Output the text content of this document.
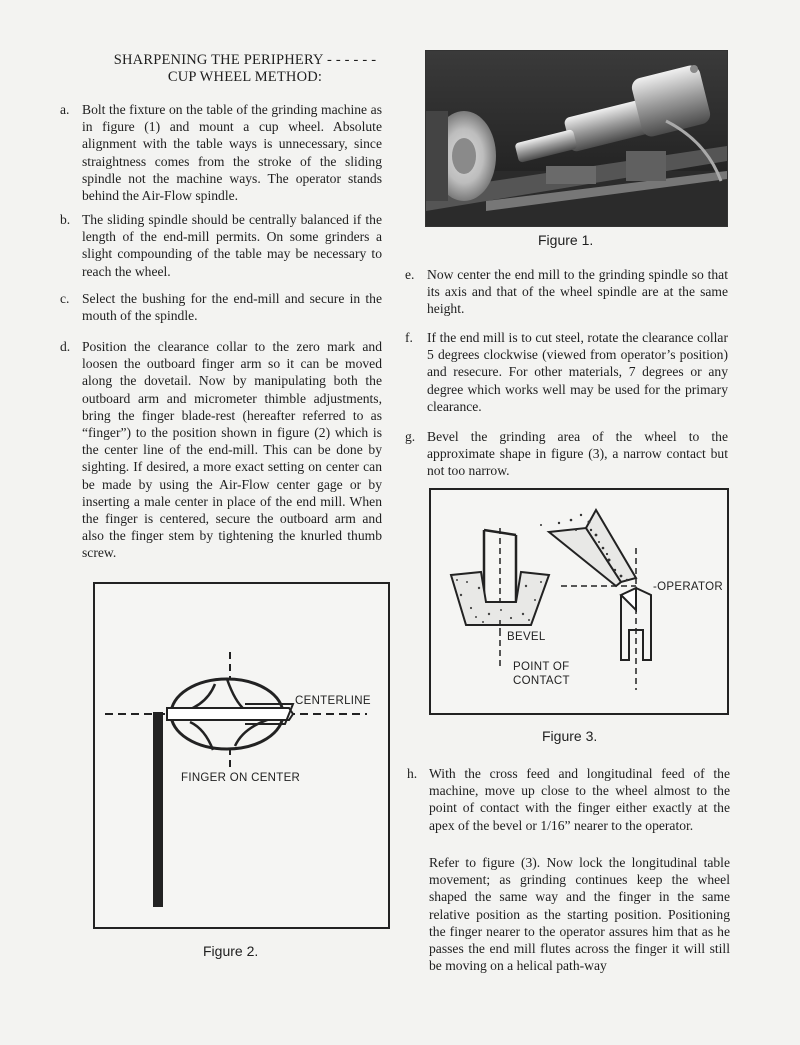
SHARPENING THE PERIPHERY - - - - - -
CUP WHEEL METHOD:
a. Bolt the fixture on the table of the grinding machine as in figure (1) and mount a cup wheel. Absolute alignment with the table ways is unnecessary, since straightness comes from the stroke of the sliding spindle not the machine ways. The operator stands behind the Air-Flow spindle.
b. The sliding spindle should be centrally balanced if the length of the end-mill permits. On some grinders a slight compounding of the table may be necessary to reach the wheel.
c. Select the bushing for the end-mill and secure in the mouth of the spindle.
d. Position the clearance collar to the zero mark and loosen the outboard finger arm so it can be moved along the dovetail. Now by manipulating both the outboard arm and micrometer thimble adjustments, bring the finger blade-rest (hereafter referred to as “finger”) to the position shown in figure (2) which is the center line of the end-mill. This can be done by sighting. If desired, a more exact setting on center can be made by using the Air-Flow center gage or by inserting a male center in place of the end mill. When the finger is centered, secure the outboard arm and also the finger stem by tightening the knurled thumb screw.
Figure 1.
e. Now center the end mill to the grinding spindle so that its axis and that of the wheel spindle are at the same height.
f. If the end mill is to cut steel, rotate the clearance collar 5 degrees clockwise (viewed from operator’s position) and resecure. For other materials, 7 degrees or any degree which works well may be used for the primary clearance.
g. Bevel the grinding area of the wheel to the approximate shape in figure (3), a narrow contact but not too narrow.
-OPERATOR
BEVEL
POINT OF
CONTACT
Figure 3.
h. With the cross feed and longitudinal feed of the machine, move up close to the wheel almost to the point of contact with the finger either exactly at the apex of the bevel or 1/16” nearer to the operator.
Refer to figure (3). Now lock the longitudinal table movement; as grinding continues keep the wheel shaped the same way and the finger in the same relative position as the starting position. Positioning the finger nearer to the operator assures him that as he passes the end mill flutes across the finger it will still be moving on a helical path-way
CENTERLINE
FINGER ON CENTER
Figure 2.
